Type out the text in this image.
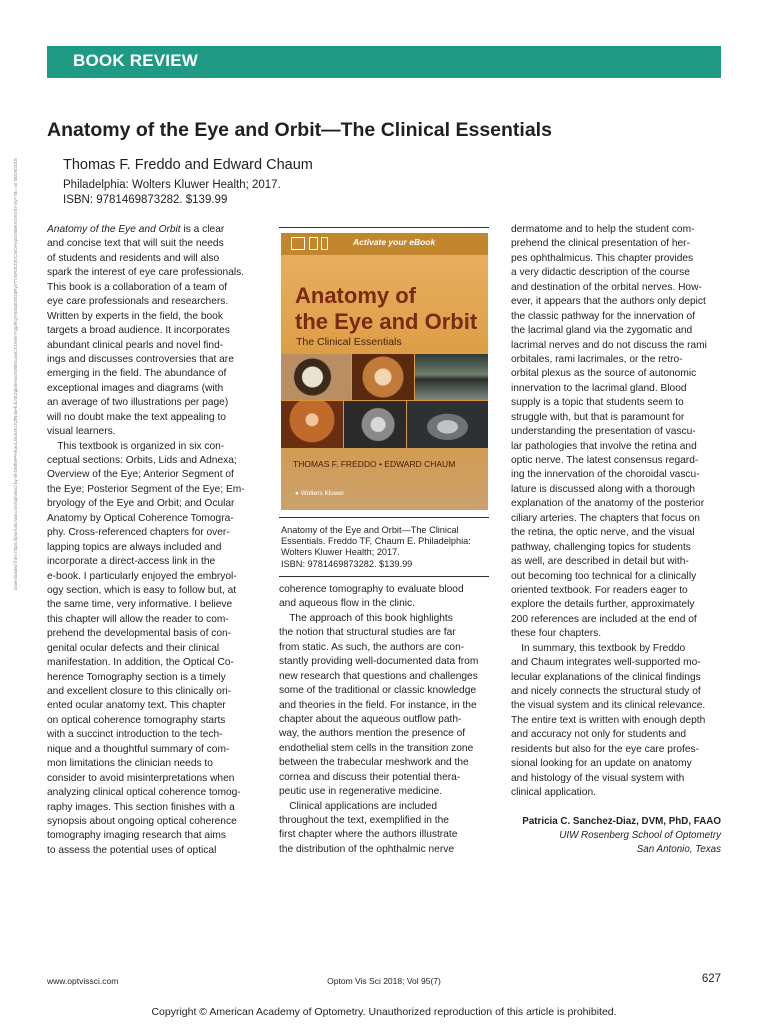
BOOK REVIEW
Anatomy of the Eye and Orbit—The Clinical Essentials
Thomas F. Freddo and Edward Chaum
Philadelphia: Wolters Kluwer Health; 2017.
ISBN: 9781469873282. $139.99
Downloaded from https://journals.lww.com/optvissci by BhDMf5ePHKav1zEoum1tQfN4a+kJLhEZgbsIHo4XMi0hCywCX1AWnYQp/IlQrHD3i3D0OdRyi7TvSFl4Cf3VC4/OAVpDDa8KKGKV0Ymy+78= on 08/26/2018	Anatomy of the Eye and Orbit is a clear
and concise text that will suit the needs
of students and residents and will also
spark the interest of eye care professionals.
This book is a collaboration of a team of
eye care professionals and researchers.
Written by experts in the field, the book
targets a broad audience. It incorporates
abundant clinical pearls and novel find-
ings and discusses controversies that are
emerging in the field. The abundance of
exceptional images and diagrams (with
an average of two illustrations per page)
will no doubt make the text appealing to
visual learners.
 This textbook is organized in six con-
ceptual sections: Orbits, Lids and Adnexa;
Overview of the Eye; Anterior Segment of
the Eye; Posterior Segment of the Eye; Em-
bryology of the Eye and Orbit; and Ocular
Anatomy by Optical Coherence Tomogra-
phy. Cross-referenced chapters for over-
lapping topics are always included and
incorporate a direct-access link in the
e-book. I particularly enjoyed the embryol-
ogy section, which is easy to follow but, at
the same time, very informative. I believe
this chapter will allow the reader to com-
prehend the developmental basis of con-
genital ocular defects and their clinical
manifestation. In addition, the Optical Co-
herence Tomography section is a timely
and excellent closure to this clinically ori-
ented ocular anatomy text. This chapter
on optical coherence tomography starts
with a succinct introduction to the tech-
nique and a thoughtful summary of com-
mon limitations the clinician needs to
consider to avoid misinterpretations when
analyzing clinical optical coherence tomog-
raphy images. This section finishes with a
synopsis about ongoing optical coherence
tomography imaging research that aims
to assess the potential uses of optical
Activate your eBook
Anatomy of
the Eye and Orbit
The Clinical Essentials
THOMAS F. FREDDO • EDWARD CHAUM
● Wolters Kluwer
Anatomy of the Eye and Orbit—The Clinical
Essentials. Freddo TF, Chaum E. Philadelphia:
Wolters Kluwer Health; 2017.
ISBN: 9781469873282. $139.99
coherence tomography to evaluate blood
and aqueous flow in the clinic.
 The approach of this book highlights
the notion that structural studies are far
from static. As such, the authors are con-
stantly providing well-documented data from
new research that questions and challenges
some of the traditional or classic knowledge
and theories in the field. For instance, in the
chapter about the aqueous outflow path-
way, the authors mention the presence of
endothelial stem cells in the transition zone
between the trabecular meshwork and the
cornea and discuss their potential thera-
peutic use in regenerative medicine.
 Clinical applications are included
throughout the text, exemplified in the
first chapter where the authors illustrate
the distribution of the ophthalmic nerve
dermatome and to help the student com-
prehend the clinical presentation of her-
pes ophthalmicus. This chapter provides
a very didactic description of the course
and destination of the orbital nerves. How-
ever, it appears that the authors only depict
the classic pathway for the innervation of
the lacrimal gland via the zygomatic and
lacrimal nerves and do not discuss the rami
orbitales, rami lacrimales, or the retro-
orbital plexus as the source of autonomic
innervation to the lacrimal gland. Blood
supply is a topic that students seem to
struggle with, but that is paramount for
understanding the presentation of vascu-
lar pathologies that involve the retina and
optic nerve. The latest consensus regard-
ing the innervation of the choroidal vascu-
lature is discussed along with a thorough
explanation of the anatomy of the posterior
ciliary arteries. The chapters that focus on
the retina, the optic nerve, and the visual
pathway, challenging topics for students
as well, are described in detail but with-
out becoming too technical for a clinically
oriented textbook. For readers eager to
explore the details further, approximately
200 references are included at the end of
these four chapters.
 In summary, this textbook by Freddo
and Chaum integrates well-supported mo-
lecular explanations of the clinical findings
and nicely connects the structural study of
the visual system and its clinical relevance.
The entire text is written with enough depth
and accuracy not only for students and
residents but also for the eye care profes-
sional looking for an update on anatomy
and histology of the visual system with
clinical application.
Patricia C. Sanchez-Diaz, DVM, PhD, FAAO
UIW Rosenberg School of Optometry
San Antonio, Texas
www.optvissci.com	Optom Vis Sci 2018; Vol 95(7)	627
Copyright © American Academy of Optometry. Unauthorized reproduction of this article is prohibited.
